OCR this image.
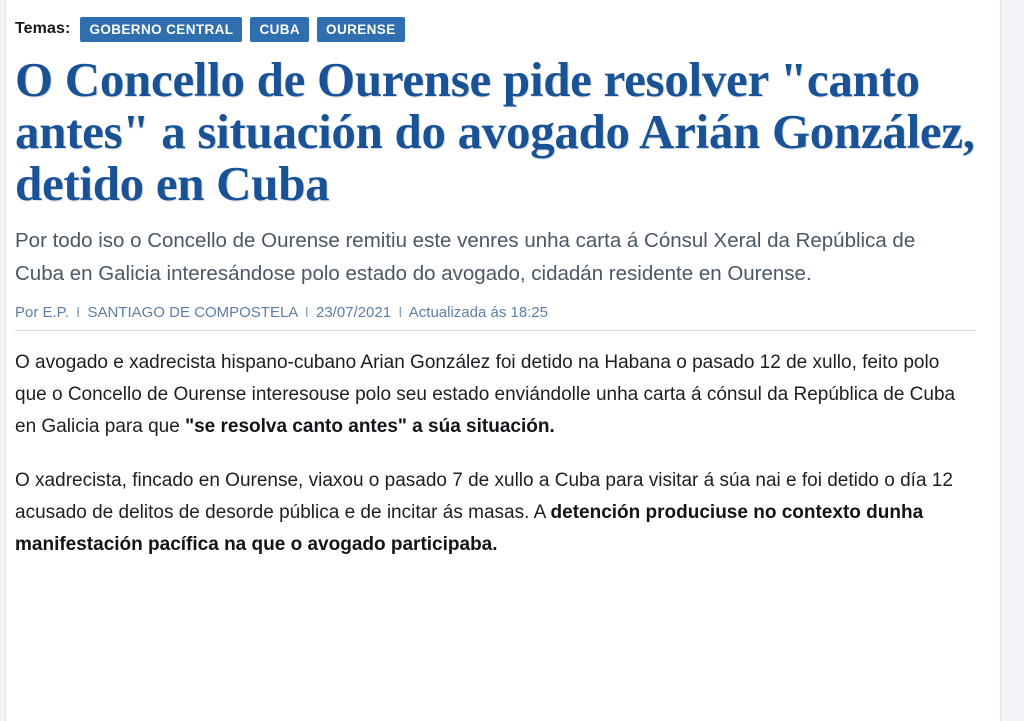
Temas:	GOBERNO CENTRAL	CUBA	OURENSE
O Concello de Ourense pide resolver "canto antes" a situación do avogado Arián González, detido en Cuba

Por todo iso o Concello de Ourense remitiu este venres unha carta á Cónsul Xeral da República de Cuba en Galicia interesándose polo estado do avogado, cidadán residente en Ourense.

Por E.P. I SANTIAGO DE COMPOSTELA I 23/07/2021 I Actualizada ás 18:25

O avogado e xadrecista hispano-cubano Arian González foi detido na Habana o pasado 12 de xullo, feito polo que o Concello de Ourense interesouse polo seu estado enviándolle unha carta á cónsul da República de Cuba en Galicia para que "se resolva canto antes" a súa situación.

O xadrecista, fincado en Ourense, viaxou o pasado 7 de xullo a Cuba para visitar á súa nai e foi detido o día 12 acusado de delitos de desorde pública e de incitar ás masas. A detención produciuse no contexto dunha manifestación pacífica na que o avogado participaba.
